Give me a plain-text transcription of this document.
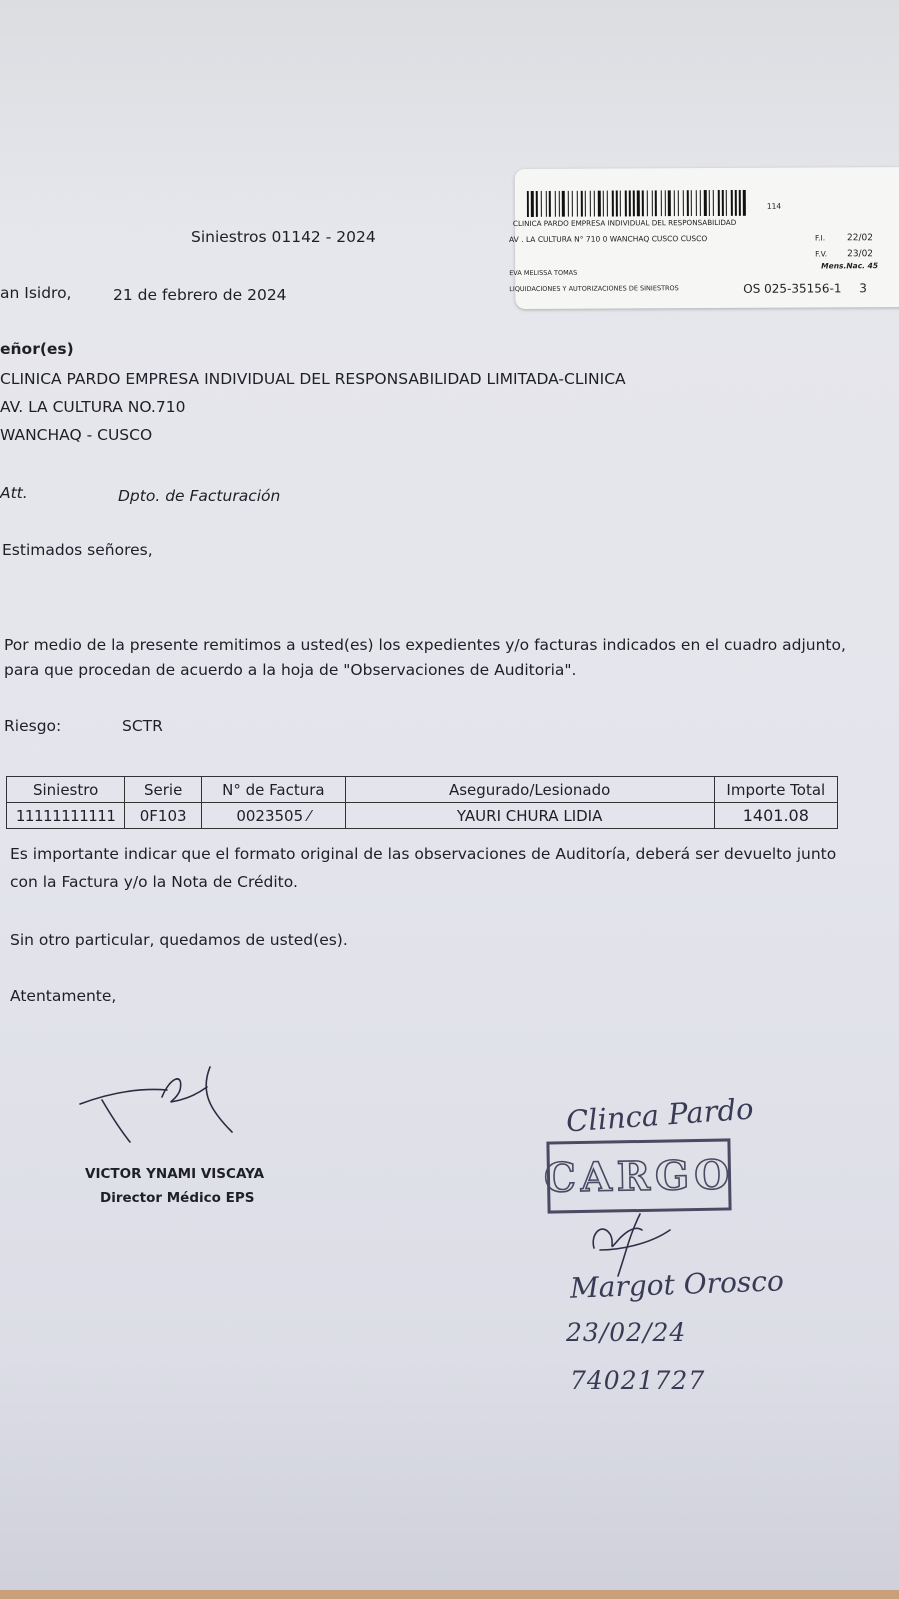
Siniestros 01142 - 2024
an Isidro,	21 de febrero de 2024
114
CLINICA PARDO EMPRESA INDIVIDUAL DEL RESPONSABILIDAD
AV . LA CULTURA N° 710 0 WANCHAQ CUSCO CUSCO	F.I. 22/02
F.V. 23/02
Mens.Nac. 45
EVA MELISSA TOMAS
LIQUIDACIONES Y AUTORIZACIONES DE SINIESTROS	OS 025-35156-1 3
eñor(es)
CLINICA PARDO EMPRESA INDIVIDUAL DEL RESPONSABILIDAD LIMITADA-CLINICA
AV. LA CULTURA NO.710
WANCHAQ - CUSCO
Att.	Dpto. de Facturación
Estimados señores,
Por medio de la presente remitimos a usted(es) los expedientes y/o facturas indicados en el cuadro adjunto,
para que procedan de acuerdo a la hoja de "Observaciones de Auditoria".
Riesgo:	SCTR
Siniestro	Serie	N° de Factura	Asegurado/Lesionado	Importe Total
11111111111	0F103	0023505 ⁄	YAURI CHURA LIDIA	1401.08
Es importante indicar que el formato original de las observaciones de Auditoría, deberá ser devuelto junto
con la Factura y/o la Nota de Crédito.
Sin otro particular, quedamos de usted(es).
Atentamente,
VICTOR YNAMI VISCAYA
Director Médico EPS
Clinca Pardo
CARGO
Margot Orosco
23/02/24
74021727
